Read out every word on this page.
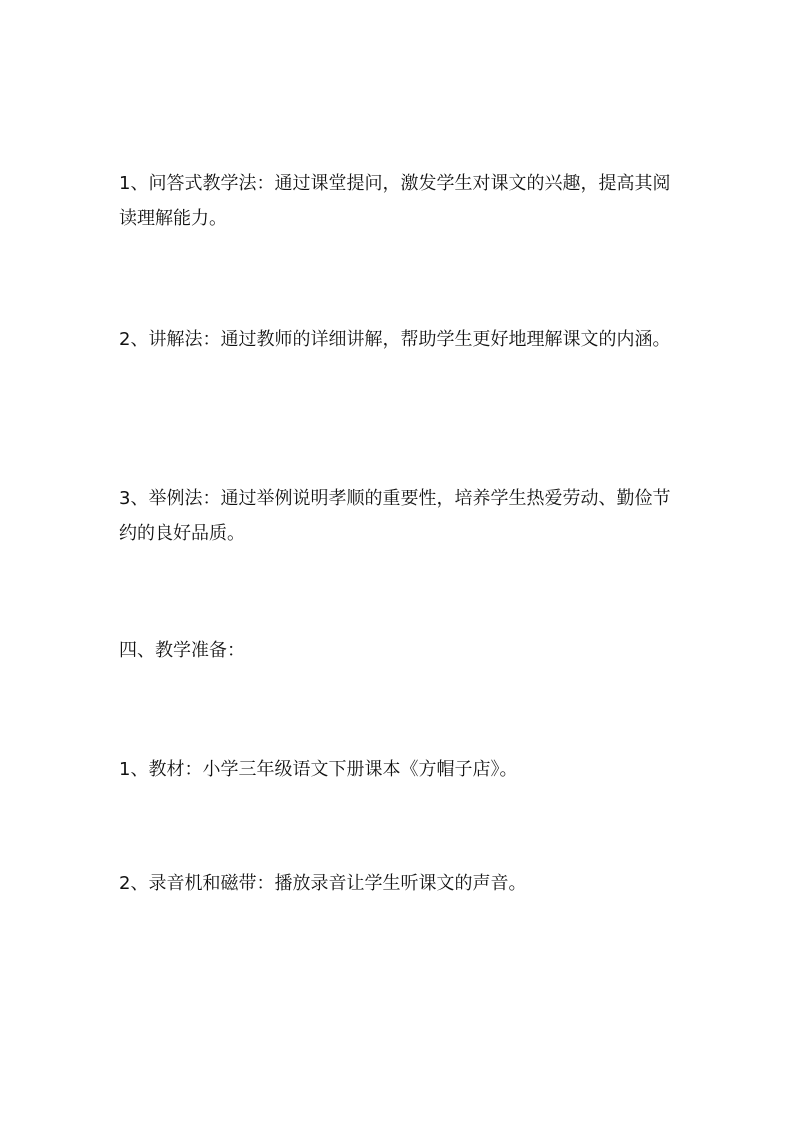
1、问答式教学法：通过课堂提问，激发学生对课文的兴趣，提高其阅读理解能力。

2、讲解法：通过教师的详细讲解，帮助学生更好地理解课文的内涵。

3、举例法：通过举例说明孝顺的重要性，培养学生热爱劳动、勤俭节约的良好品质。

四、教学准备：

1、教材：小学三年级语文下册课本《方帽子店》。

2、录音机和磁带：播放录音让学生听课文的声音。
